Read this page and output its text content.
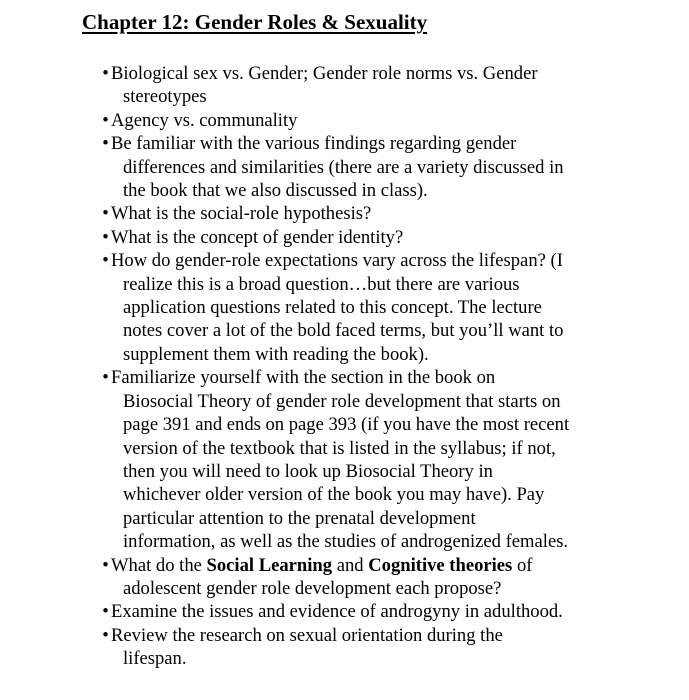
Chapter 12: Gender Roles & Sexuality
• Biological sex vs. Gender; Gender role norms vs. Gender
stereotypes
• Agency vs. communality
• Be familiar with the various findings regarding gender
differences and similarities (there are a variety discussed in
the book that we also discussed in class).
• What is the social-role hypothesis?
• What is the concept of gender identity?
• How do gender-role expectations vary across the lifespan? (I
realize this is a broad question…but there are various
application questions related to this concept. The lecture
notes cover a lot of the bold faced terms, but you’ll want to
supplement them with reading the book).
• Familiarize yourself with the section in the book on
Biosocial Theory of gender role development that starts on
page 391 and ends on page 393 (if you have the most recent
version of the textbook that is listed in the syllabus; if not,
then you will need to look up Biosocial Theory in
whichever older version of the book you may have). Pay
particular attention to the prenatal development
information, as well as the studies of androgenized females.
• What do the Social Learning and Cognitive theories of
adolescent gender role development each propose?
• Examine the issues and evidence of androgyny in adulthood.
• Review the research on sexual orientation during the
lifespan.
